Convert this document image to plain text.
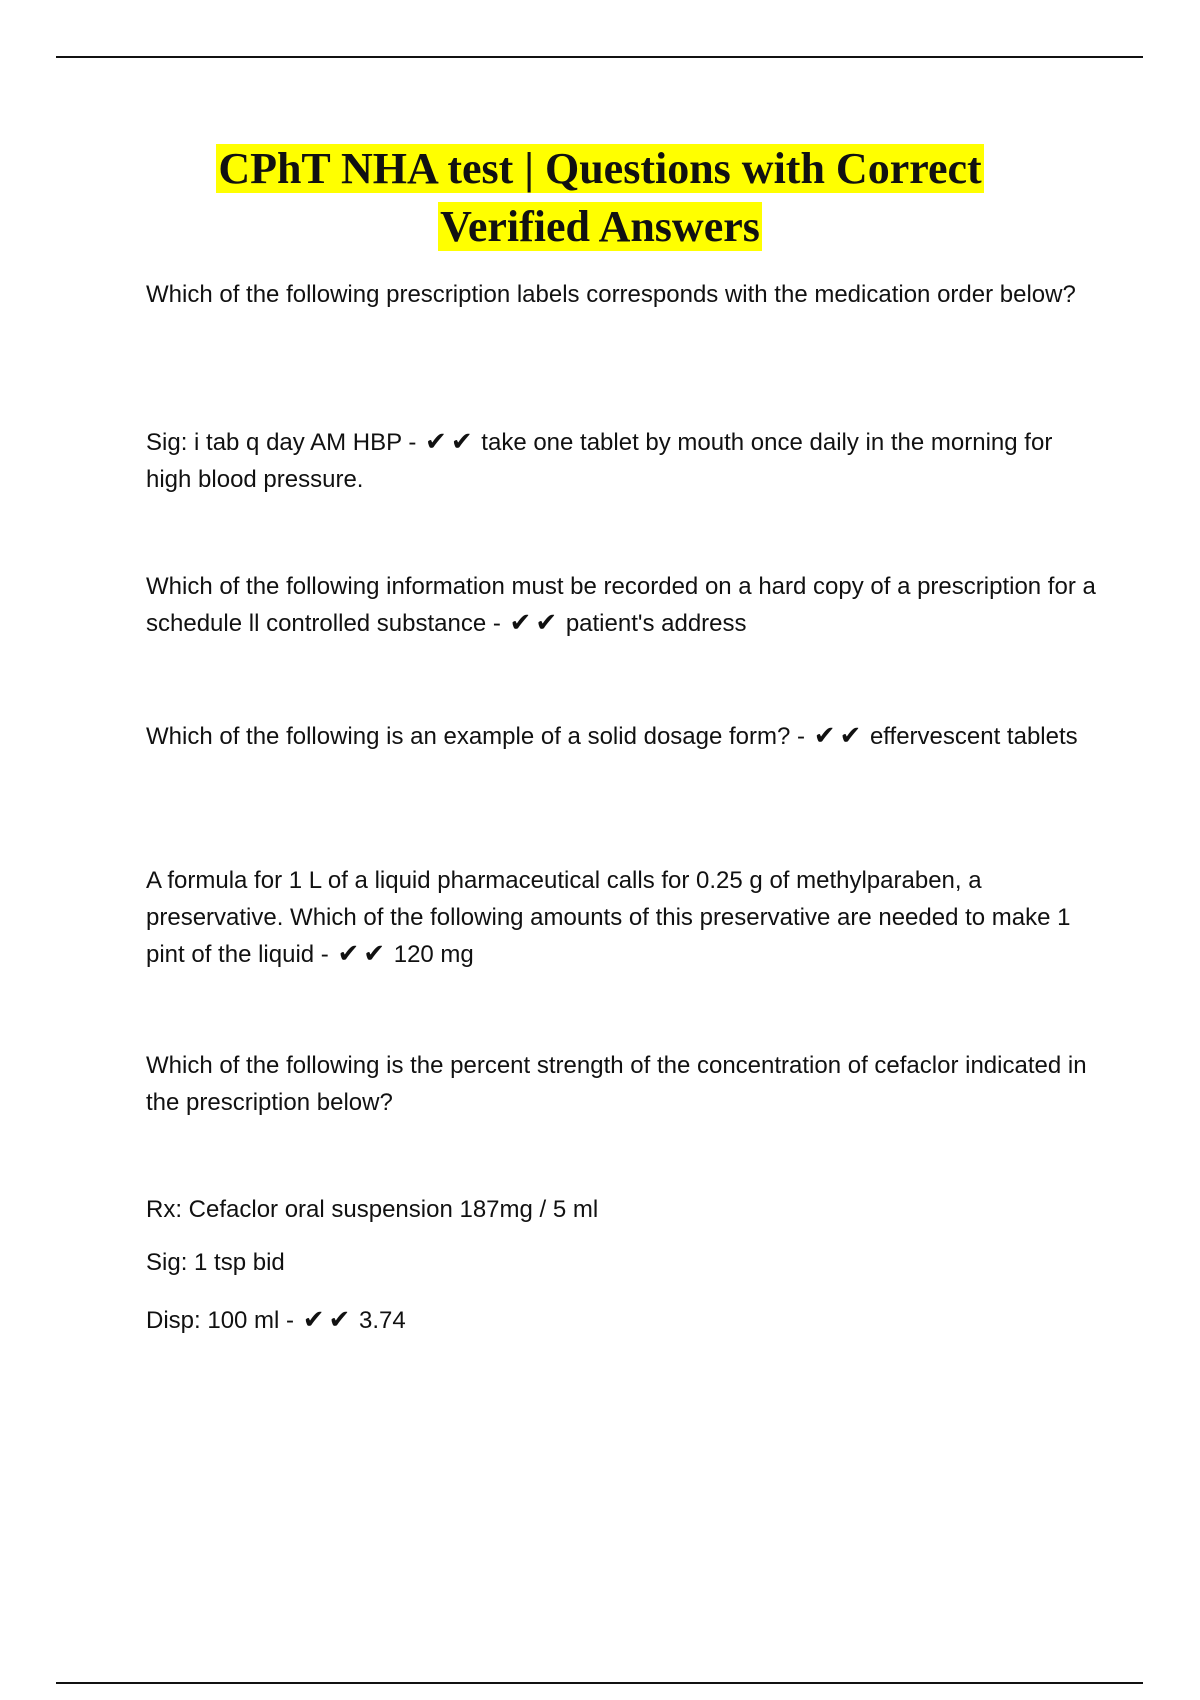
CPhT NHA test | Questions with Correct
Verified Answers

Which of the following prescription labels corresponds with the medication order below?

Sig: i tab q day AM HBP - ✔ ✔ take one tablet by mouth once daily in the morning for high blood pressure.

Which of the following information must be recorded on a hard copy of a prescription for a schedule ll controlled substance - ✔ ✔ patient's address

Which of the following is an example of a solid dosage form? - ✔ ✔ effervescent tablets

A formula for 1 L of a liquid pharmaceutical calls for 0.25 g of methylparaben, a preservative. Which of the following amounts of this preservative are needed to make 1 pint of the liquid - ✔ ✔ 120 mg

Which of the following is the percent strength of the concentration of cefaclor indicated in the prescription below?

Rx: Cefaclor oral suspension 187mg / 5 ml

Sig: 1 tsp bid

Disp: 100 ml - ✔ ✔ 3.74
